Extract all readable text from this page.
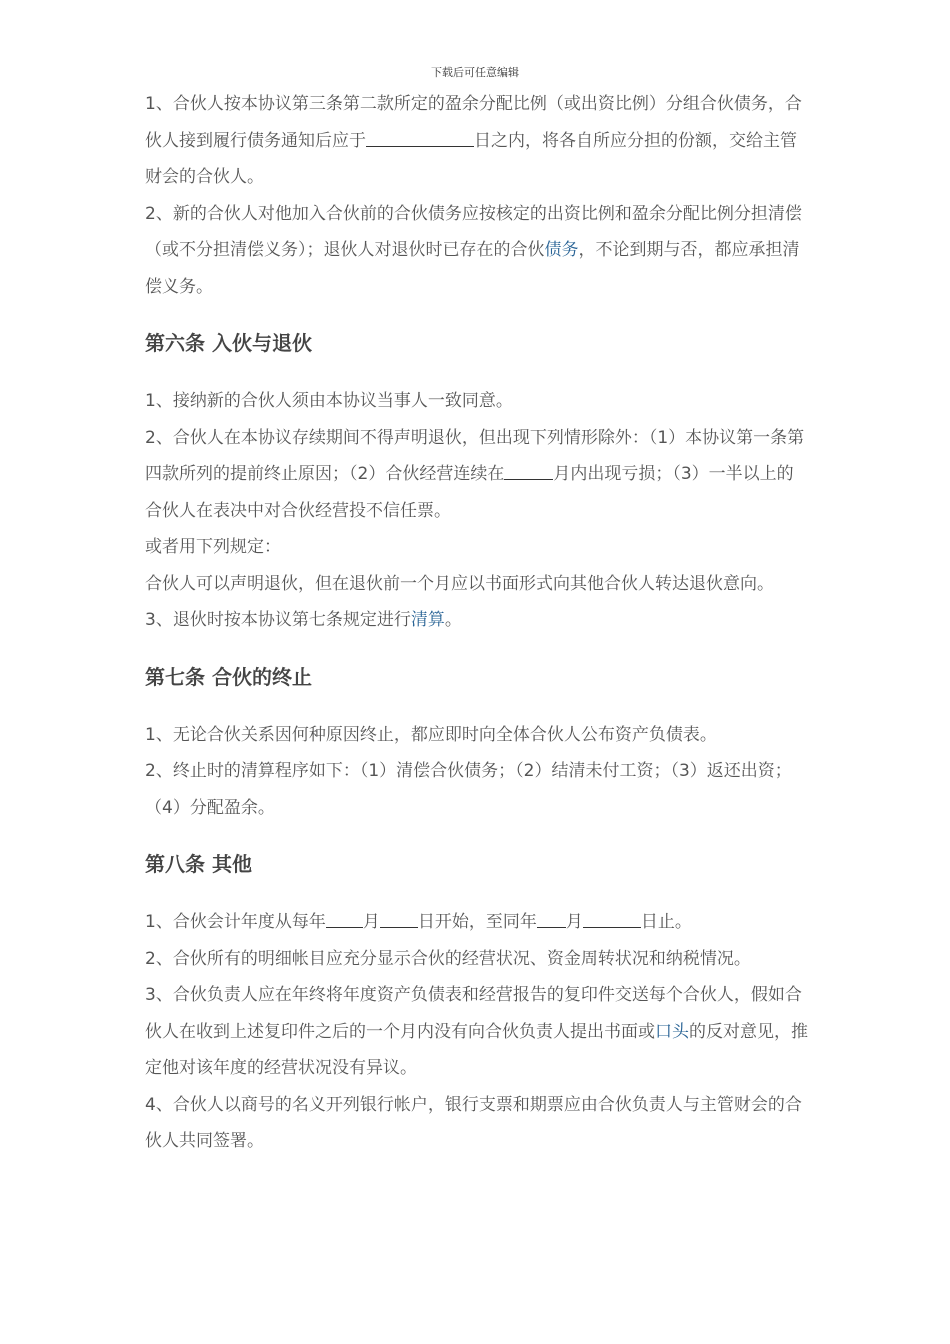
下载后可任意编辑

1、合伙人按本协议第三条第二款所定的盈余分配比例（或出资比例）分组合伙债务，合伙人接到履行债务通知后应于	日之内，将各自所应分担的份额，交给主管财会的合伙人。

2、新的合伙人对他加入合伙前的合伙债务应按核定的出资比例和盈余分配比例分担清偿（或不分担清偿义务）；退伙人对退伙时已存在的合伙债务，不论到期与否，都应承担清偿义务。

第六条 入伙与退伙

1、接纳新的合伙人须由本协议当事人一致同意。

2、合伙人在本协议存续期间不得声明退伙，但出现下列情形除外：（1）本协议第一条第四款所列的提前终止原因；（2）合伙经营连续在	月内出现亏损；（3）一半以上的合伙人在表决中对合伙经营投不信任票。

或者用下列规定：

合伙人可以声明退伙，但在退伙前一个月应以书面形式向其他合伙人转达退伙意向。

3、退伙时按本协议第七条规定进行清算。

第七条 合伙的终止

1、无论合伙关系因何种原因终止，都应即时向全体合伙人公布资产负债表。

2、终止时的清算程序如下：（1）清偿合伙债务；（2）结清未付工资；（3）返还出资；（4）分配盈余。

第八条 其他

1、合伙会计年度从每年 月 日开始，至同年 月	日止。

2、合伙所有的明细帐目应充分显示合伙的经营状况、资金周转状况和纳税情况。

3、合伙负责人应在年终将年度资产负债表和经营报告的复印件交送每个合伙人，假如合伙人在收到上述复印件之后的一个月内没有向合伙负责人提出书面或口头的反对意见，推定他对该年度的经营状况没有异议。

4、合伙人以商号的名义开列银行帐户，银行支票和期票应由合伙负责人与主管财会的合伙人共同签署。
